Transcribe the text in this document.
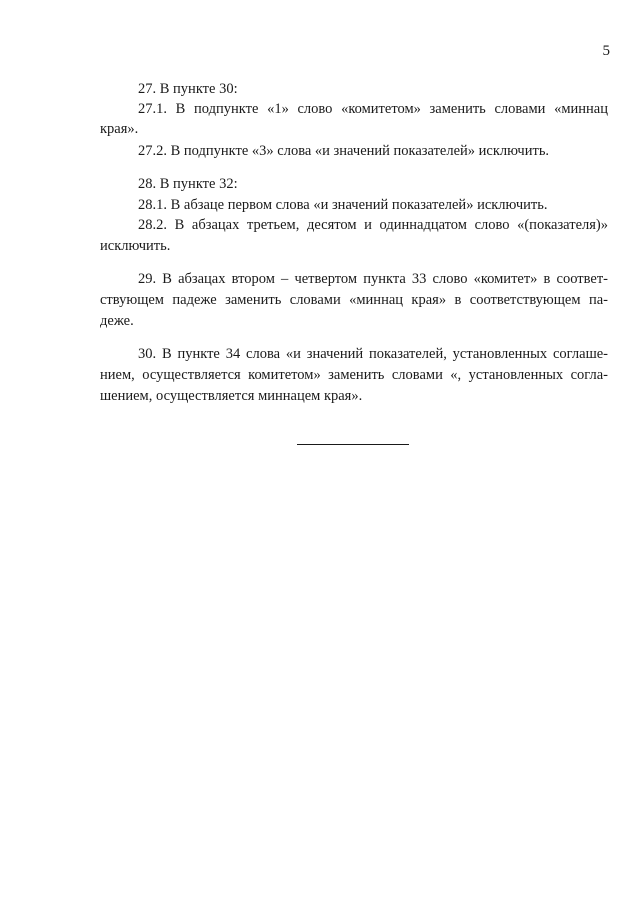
5
27. В пункте 30:
27.1. В подпункте «1» слово «комитетом» заменить словами «миннац
края».
27.2. В подпункте «3» слова «и значений показателей» исключить.
28. В пункте 32:
28.1. В абзаце первом слова «и значений показателей» исключить.
28.2. В абзацах третьем, десятом и одиннадцатом слово «(показателя)»
исключить.
29. В абзацах втором – четвертом пункта 33 слово «комитет» в соответ-
ствующем падеже заменить словами «миннац края» в соответствующем па-
деже.
30. В пункте 34 слова «и значений показателей, установленных соглаше-
нием, осуществляется комитетом» заменить словами «, установленных согла-
шением, осуществляется миннацем края».
